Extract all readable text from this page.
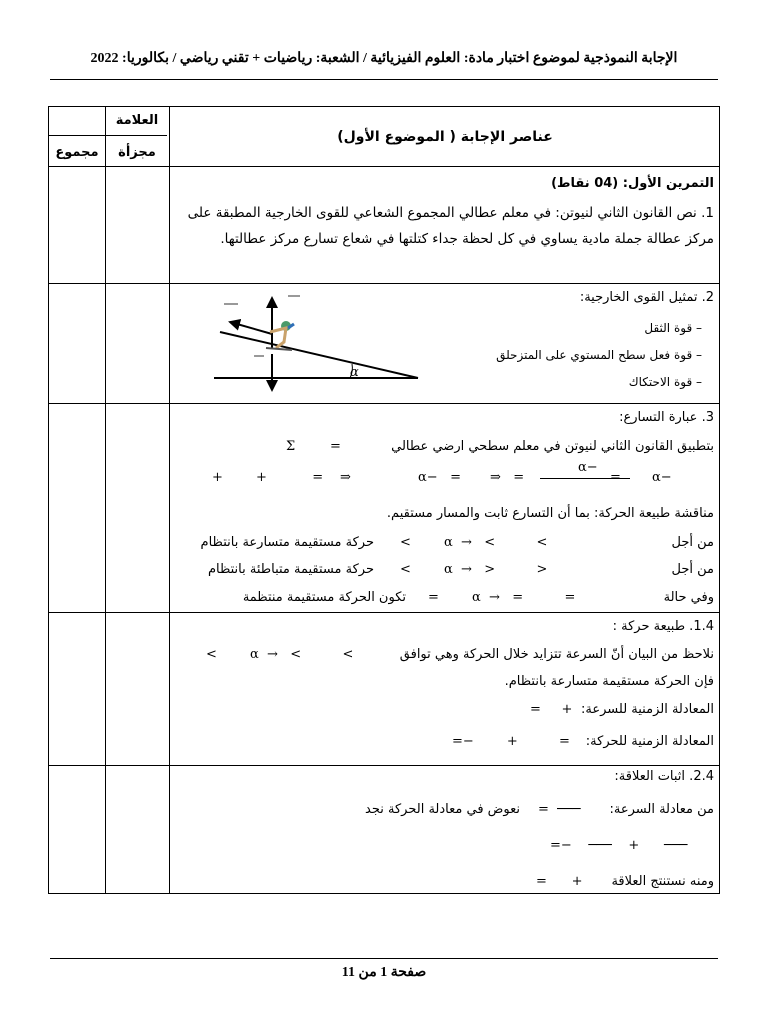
الإجابة النموذجية لموضوع اختبار مادة: العلوم الفيزيائية / الشعبة: رياضيات + تقني رياضي / بكالوريا: 2022
العلامة
مجزأة
مجموع
عناصر الإجابة ( الموضوع الأول)
التمرين الأول: (04 نقاط)
1. نص القانون الثاني لنيوتن: في معلم عطالي المجموع الشعاعي للقوى الخارجية المطبقة على
مركز عطالة جملة مادية يساوي في كل لحظة جداء كتلتها في شعاع تسارع مركز عطالتها.
2. تمثيل القوى الخارجية:
– قوة الثقل
– قوة فعل سطح المستوي على المتزحلق
– قوة الاحتكاك
α
3. عبارة التسارع:
بتطبيق القانون الثاني لنيوتن في معلم سطحي ارضي عطالي
Σ	=
+        +           = ⇒	α−   = ⇒   =
α−
= α−
مناقشة طبيعة الحركة: بما أن التسارع ثابت والمسار مستقيم.
من أجل
<        α  →   <          <
حركة مستقيمة متسارعة بانتظام
من أجل
<        α  →   >          >
حركة مستقيمة متباطئة بانتظام
وفي حالة
=        α  →   =          =
تكون الحركة مستقيمة منتظمة
1.4. طبيعة حركة :
نلاحظ من البيان أنّ السرعة تتزايد خلال الحركة وهي توافق
<        α  →   <          <
فإن الحركة مستقيمة متسارعة بانتظام.
المعادلة الزمنية للسرعة:
=     +
المعادلة الزمنية للحركة:
=−        +          =
2.4. اثبات العلاقة:
من معادلة السرعة:
=  ───
نعوض في معادلة الحركة نجد
=−    ───    +      ───
ومنه نستنتج العلاقة
=      +
صفحة 1 من 11
